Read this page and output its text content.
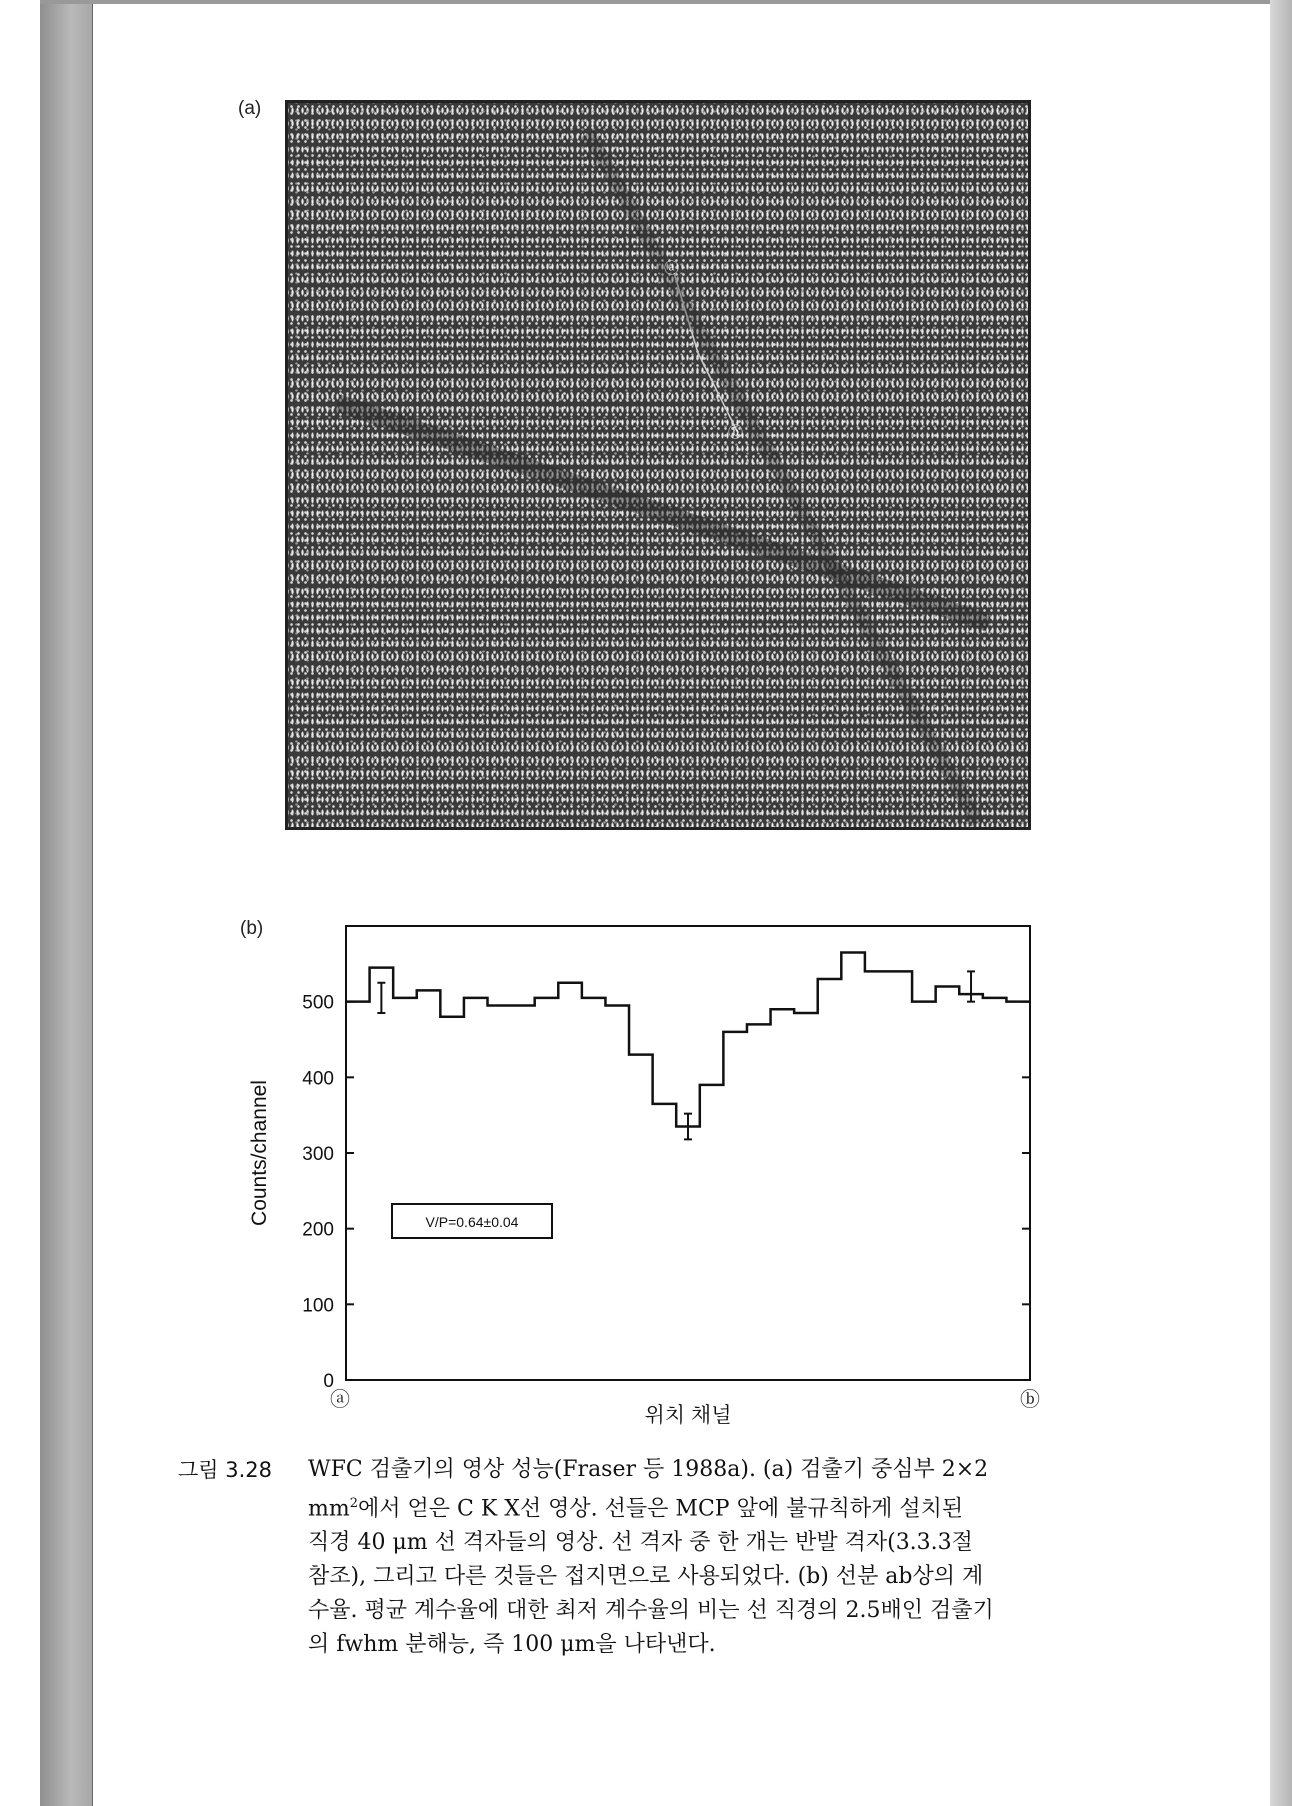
(a)
ⓐ
ⓑ
(b)
0
100
200
300
400
500
V/P=0.64±0.04
Counts/channel
위치 채널
ⓐ	ⓑ
그림 3.28 WFC 검출기의 영상 성능(Fraser 등 1988a). (a) 검출기 중심부 2×2
$mm^2$에서 얻은 C K X선 영상. 선들은 MCP 앞에 불규칙하게 설치된
직경 40 μm 선 격자들의 영상. 선 격자 중 한 개는 반발 격자(3.3.3절
참조), 그리고 다른 것들은 접지면으로 사용되었다. (b) 선분 ab상의 계
수율. 평균 계수율에 대한 최저 계수율의 비는 선 직경의 2.5배인 검출기
의 fwhm 분해능, 즉 100 μm을 나타낸다.
